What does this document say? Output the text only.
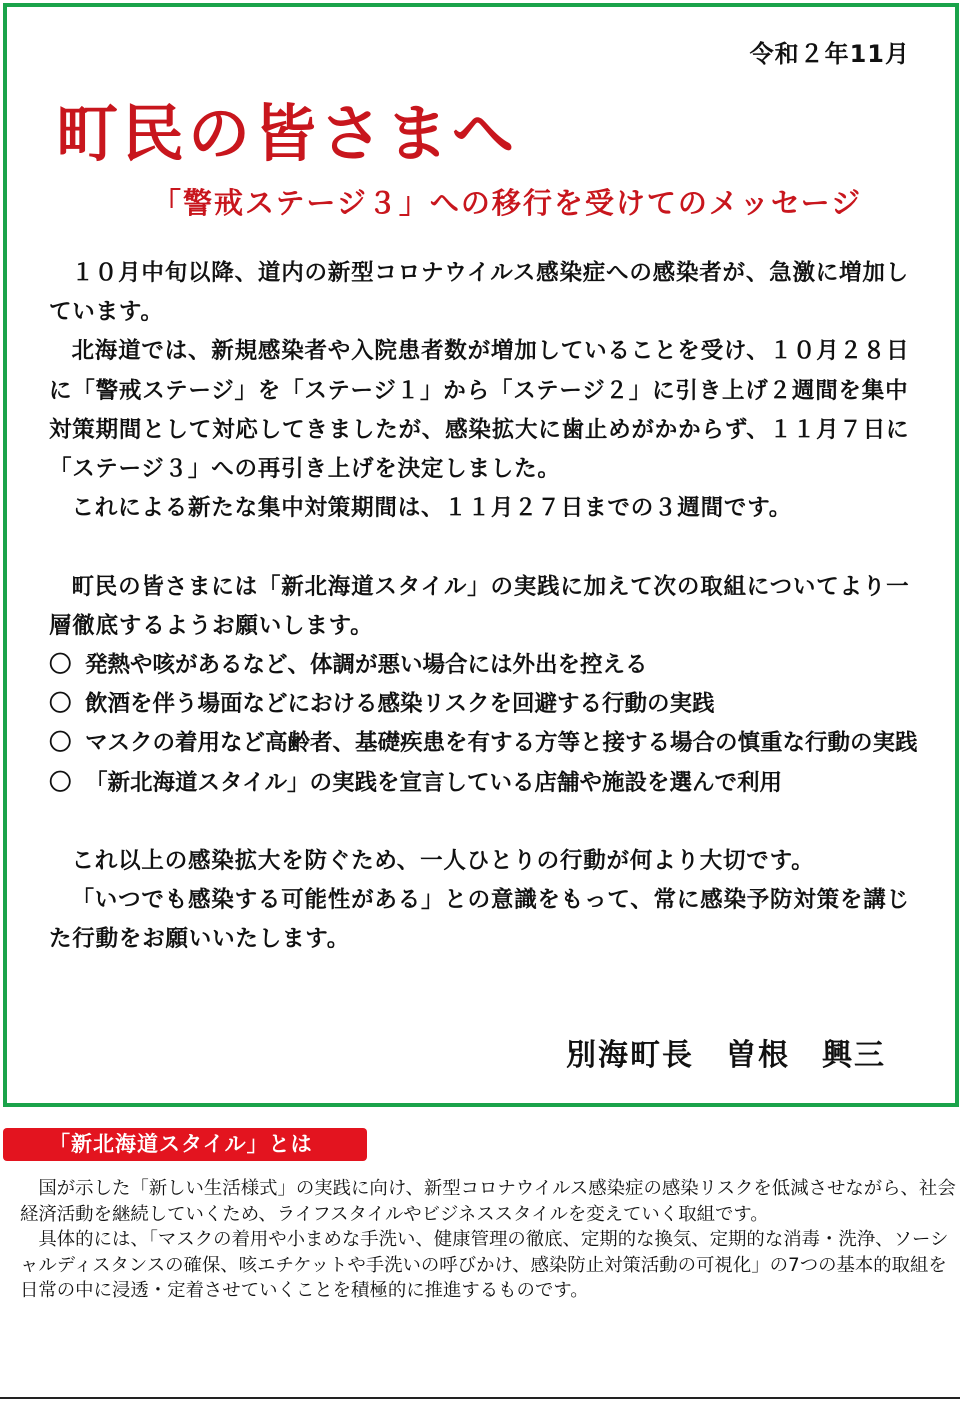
令和２年11月
町民の皆さまへ
「警戒ステージ３」への移行を受けてのメッセージ

１０月中旬以降、道内の新型コロナウイルス感染症への感染者が、急激に増加しています。

北海道では、新規感染者や入院患者数が増加していることを受け、１０月２８日に「警戒ステージ」を「ステージ１」から「ステージ２」に引き上げ２週間を集中対策期間として対応してきましたが、感染拡大に歯止めがかからず、１１月７日に「ステージ３」への再引き上げを決定しました。

これによる新たな集中対策期間は、１１月２７日までの３週間です。

町民の皆さまには「新北海道スタイル」の実践に加えて次の取組についてより一層徹底するようお願いします。

〇 発熱や咳があるなど、体調が悪い場合には外出を控える
〇 飲酒を伴う場面などにおける感染リスクを回避する行動の実践
〇 マスクの着用など高齢者、基礎疾患を有する方等と接する場合の慎重な行動の実践
〇 「新北海道スタイル」の実践を宣言している店舗や施設を選んで利用

これ以上の感染拡大を防ぐため、一人ひとりの行動が何より大切です。

「いつでも感染する可能性がある」との意識をもって、常に感染予防対策を講じた行動をお願いいたします。

別海町長　曽根　興三
「新北海道スタイル」とは

国が示した「新しい生活様式」の実践に向け、新型コロナウイルス感染症の感染リスクを低減させながら、社会経済活動を継続していくため、ライフスタイルやビジネススタイルを変えていく取組です。

具体的には、「マスクの着用や小まめな手洗い、健康管理の徹底、定期的な換気、定期的な消毒・洗浄、ソーシャルディスタンスの確保、咳エチケットや手洗いの呼びかけ、感染防止対策活動の可視化」の7つの基本的取組を日常の中に浸透・定着させていくことを積極的に推進するものです。
